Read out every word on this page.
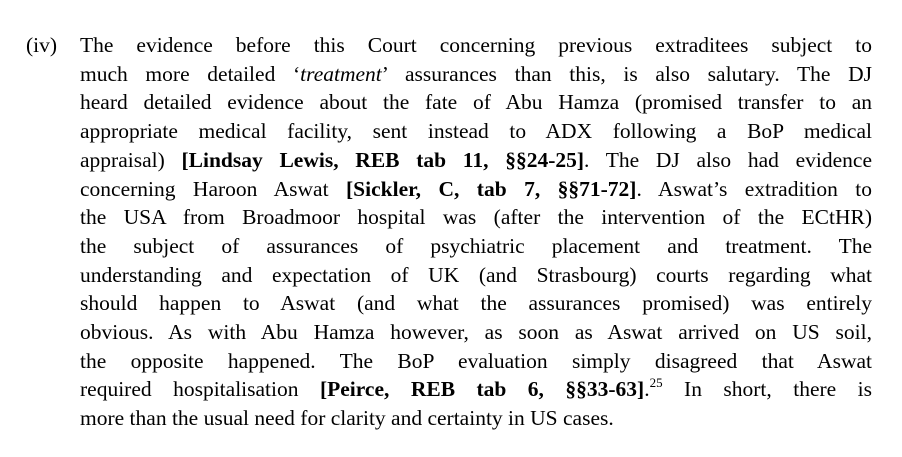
(iv) The evidence before this Court concerning previous extraditees subject to
much more detailed ‘treatment’ assurances than this, is also salutary. The DJ
heard detailed evidence about the fate of Abu Hamza (promised transfer to an
appropriate medical facility, sent instead to ADX following a BoP medical
appraisal) [Lindsay Lewis, REB tab 11, §§24-25]. The DJ also had evidence
concerning Haroon Aswat [Sickler, C, tab 7, §§71-72]. Aswat’s extradition to
the USA from Broadmoor hospital was (after the intervention of the ECtHR)
the subject of assurances of psychiatric placement and treatment. The
understanding and expectation of UK (and Strasbourg) courts regarding what
should happen to Aswat (and what the assurances promised) was entirely
obvious. As with Abu Hamza however, as soon as Aswat arrived on US soil,
the opposite happened. The BoP evaluation simply disagreed that Aswat
required hospitalisation [Peirce, REB tab 6, §§33-63].$^{25}$ In short, there is
more than the usual need for clarity and certainty in US cases.
